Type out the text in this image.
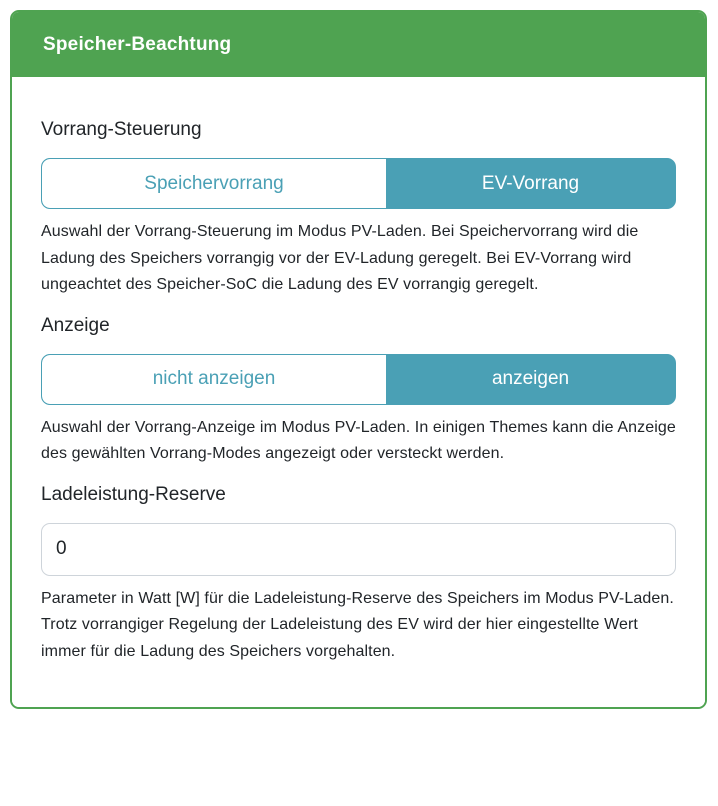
Speicher-Beachtung
Vorrang-Steuerung
Speichervorrang	EV-Vorrang

Auswahl der Vorrang-Steuerung im Modus PV-Laden. Bei Speichervorrang wird die Ladung des Speichers vorrangig vor der EV-Ladung geregelt. Bei EV-Vorrang wird ungeachtet des Speicher-SoC die Ladung des EV vorrangig geregelt.

Anzeige
nicht anzeigen	anzeigen

Auswahl der Vorrang-Anzeige im Modus PV-Laden. In einigen Themes kann die Anzeige des gewählten Vorrang-Modes angezeigt oder versteckt werden.

Ladeleistung-Reserve
0

Parameter in Watt [W] für die Ladeleistung-Reserve des Speichers im Modus PV-Laden. Trotz vorrangiger Regelung der Ladeleistung des EV wird der hier eingestellte Wert immer für die Ladung des Speichers vorgehalten.
